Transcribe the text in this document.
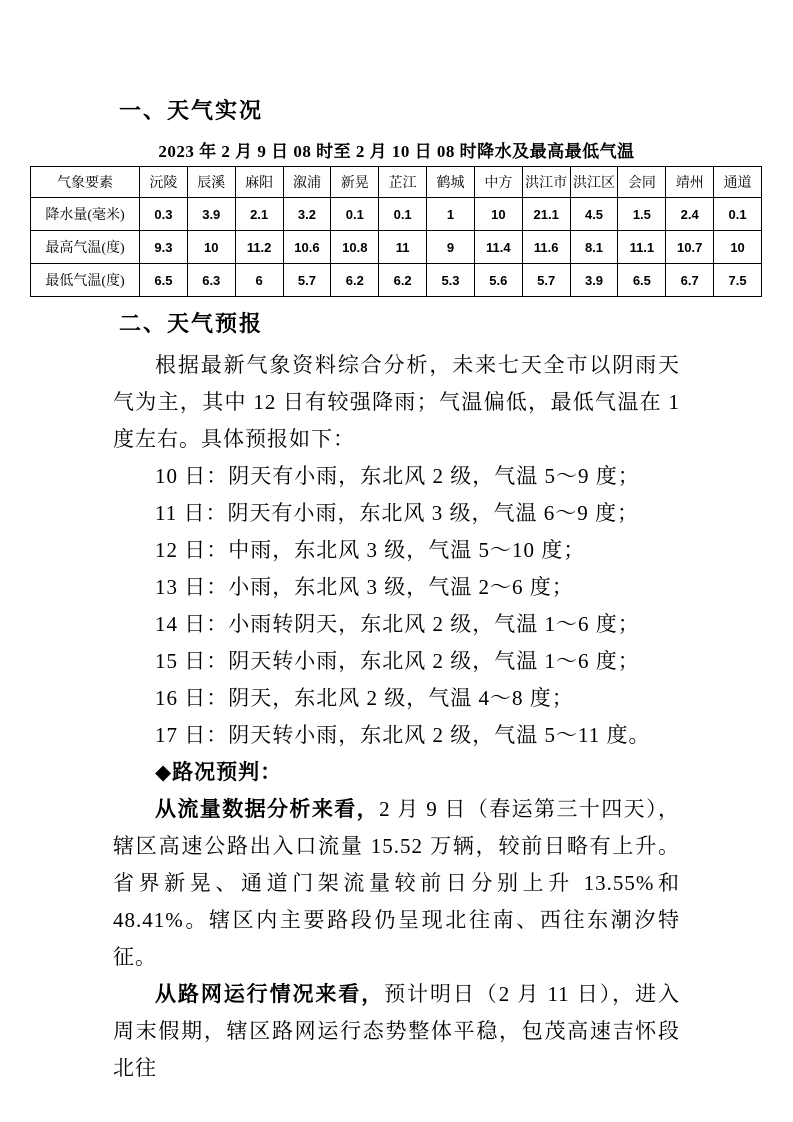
一、天气实况
2023 年 2 月 9 日 08 时至 2 月 10 日 08 时降水及最高最低气温
气象要素	沅陵	辰溪	麻阳	溆浦	新晃	芷江	鹤城	中方	洪江市	洪江区	会同	靖州	通道
降水量(毫米)	0.3	3.9	2.1	3.2	0.1	0.1	1	10	21.1	4.5	1.5	2.4	0.1
最高气温(度)	9.3	10	11.2	10.6	10.8	11	9	11.4	11.6	8.1	11.1	10.7	10
最低气温(度)	6.5	6.3	6	5.7	6.2	6.2	5.3	5.6	5.7	3.9	6.5	6.7	7.5
二、天气预报

根据最新气象资料综合分析，未来七天全市以阴雨天气为主，其中 12 日有较强降雨；气温偏低，最低气温在 1 度左右。具体预报如下：

10 日：阴天有小雨，东北风 2 级，气温 5～9 度；

11 日：阴天有小雨，东北风 3 级，气温 6～9 度；

12 日：中雨，东北风 3 级，气温 5～10 度；

13 日：小雨，东北风 3 级，气温 2～6 度；

14 日：小雨转阴天，东北风 2 级，气温 1～6 度；

15 日：阴天转小雨，东北风 2 级，气温 1～6 度；

16 日：阴天，东北风 2 级，气温 4～8 度；

17 日：阴天转小雨，东北风 2 级，气温 5～11 度。

◆路况预判：

从流量数据分析来看，2 月 9 日（春运第三十四天），辖区高速公路出入口流量 15.52 万辆，较前日略有上升。省界新晃、通道门架流量较前日分别上升 13.55%和 48.41%。辖区内主要路段仍呈现北往南、西往东潮汐特征。

从路网运行情况来看，预计明日（2 月 11 日），进入周末假期，辖区路网运行态势整体平稳，包茂高速吉怀段北往
